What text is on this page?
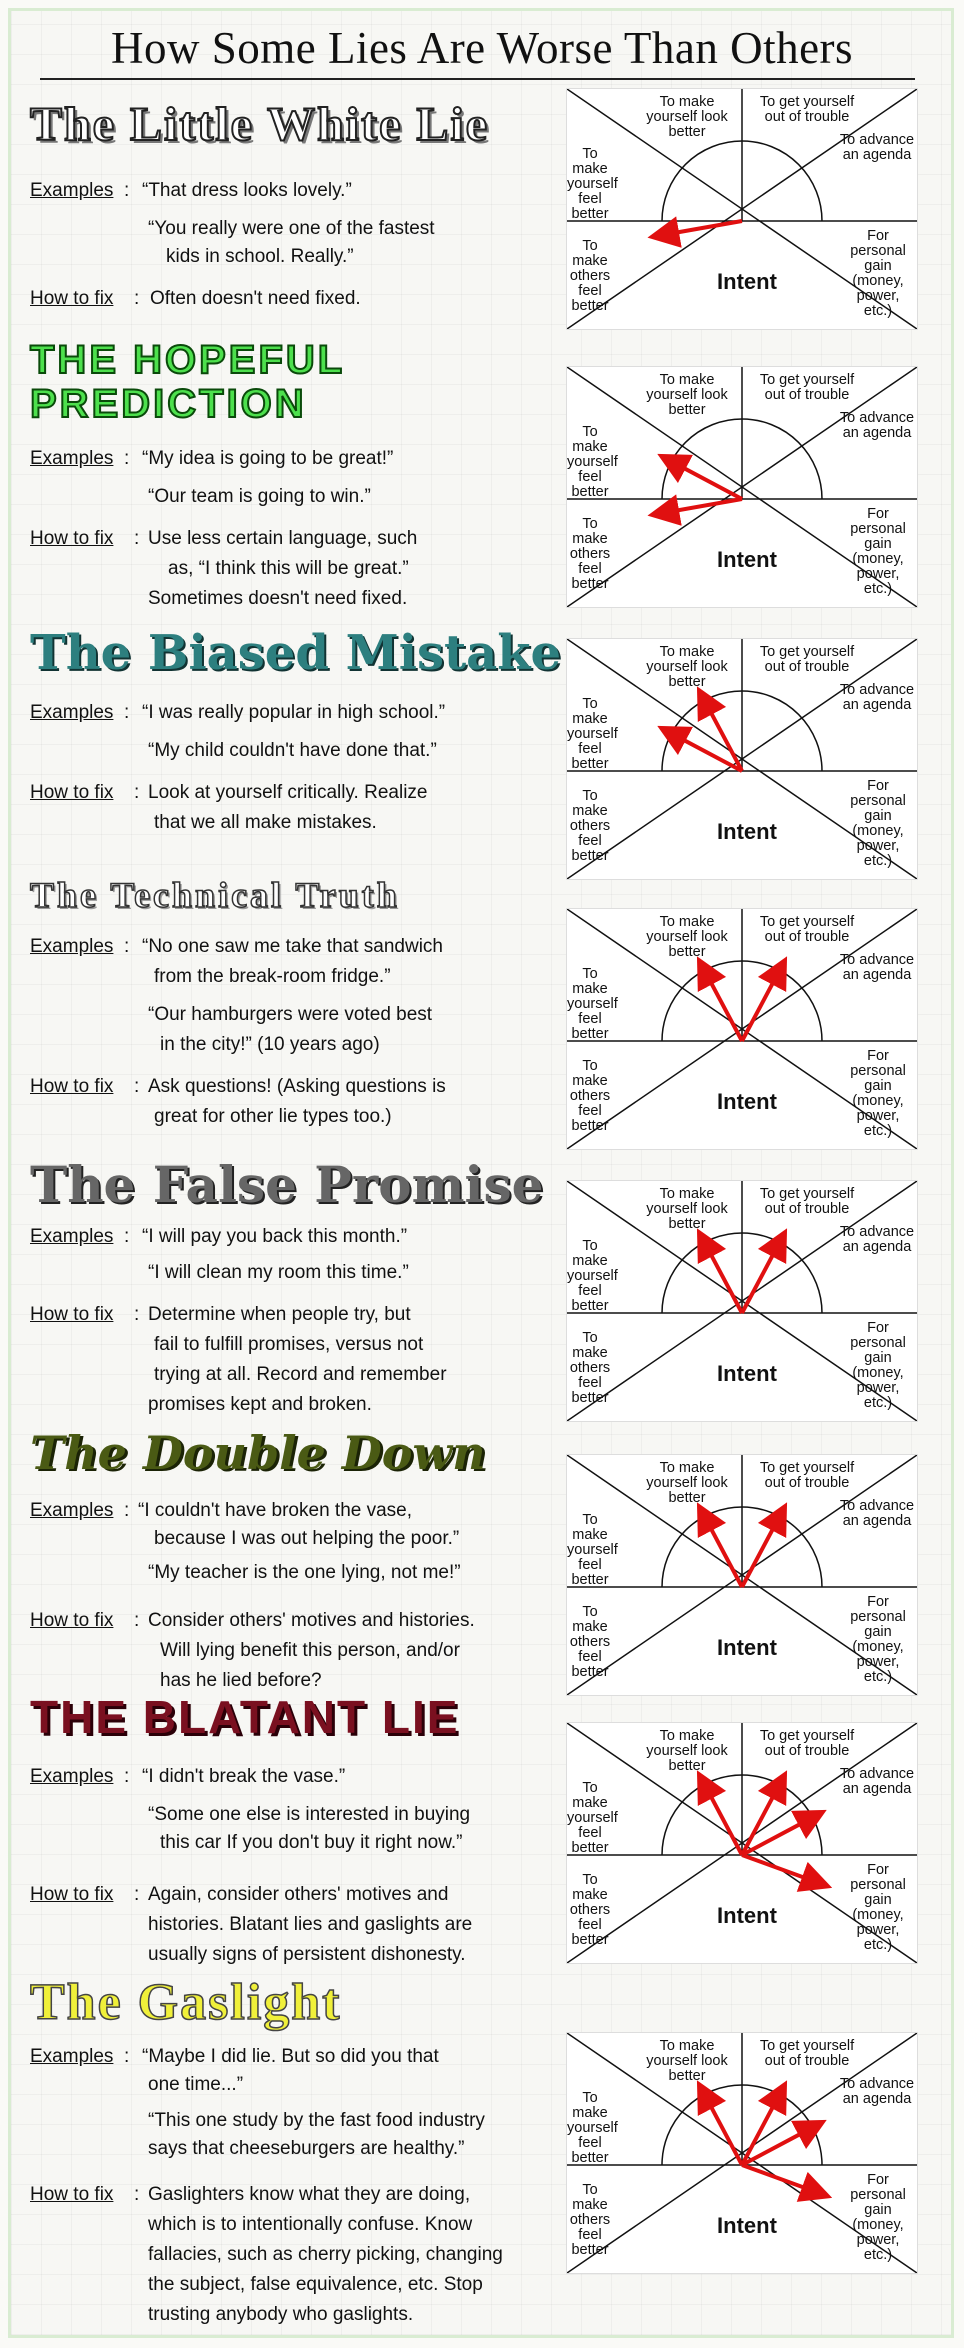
How Some Lies Are Worse Than Others
The Little White Lie
Examples : “That dress looks lovely.”
“You really were one of the fastest
kids in school. Really.”
How to fix : Often doesn't need fixed.
To make yourself look better
To get yourself out of trouble
To advance an agenda
For personal gain (money, power, etc.)
To make others feel better
To make yourself feel better
Intent
THE HOPEFUL
PREDICTION
Examples : “My idea is going to be great!”
“Our team is going to win.”
How to fix : Use less certain language, such
as, “I think this will be great.”
Sometimes doesn't need fixed.
To make yourself look better
To get yourself out of trouble
To advance an agenda
For personal gain (money, power, etc.)
To make others feel better
To make yourself feel better
Intent
The Biased Mistake
Examples : “I was really popular in high school.”
“My child couldn't have done that.”
How to fix : Look at yourself critically. Realize
that we all make mistakes.
To make yourself look better
To get yourself out of trouble
To advance an agenda
For personal gain (money, power, etc.)
To make others feel better
To make yourself feel better
Intent
The Technical Truth
Examples : “No one saw me take that sandwich
from the break-room fridge.”
“Our hamburgers were voted best
in the city!” (10 years ago)
How to fix : Ask questions! (Asking questions is
great for other lie types too.)
To make yourself look better
To get yourself out of trouble
To advance an agenda
For personal gain (money, power, etc.)
To make others feel better
To make yourself feel better
Intent
The False Promise
Examples : “I will pay you back this month.”
“I will clean my room this time.”
How to fix : Determine when people try, but
fail to fulfill promises, versus not
trying at all. Record and remember
promises kept and broken.
To make yourself look better
To get yourself out of trouble
To advance an agenda
For personal gain (money, power, etc.)
To make others feel better
To make yourself feel better
Intent
The Double Down
Examples : “I couldn't have broken the vase,
because I was out helping the poor.”
“My teacher is the one lying, not me!”
How to fix : Consider others' motives and histories.
Will lying benefit this person, and/or
has he lied before?
To make yourself look better
To get yourself out of trouble
To advance an agenda
For personal gain (money, power, etc.)
To make others feel better
To make yourself feel better
Intent
THE BLATANT LIE
Examples : “I didn't break the vase.”
“Some one else is interested in buying
this car If you don't buy it right now.”
How to fix : Again, consider others' motives and
histories. Blatant lies and gaslights are
usually signs of persistent dishonesty.
To make yourself look better
To get yourself out of trouble
To advance an agenda
For personal gain (money, power, etc.)
To make others feel better
To make yourself feel better
Intent
The Gaslight
Examples : “Maybe I did lie. But so did you that
one time...”
“This one study by the fast food industry
says that cheeseburgers are healthy.”
How to fix : Gaslighters know what they are doing,
which is to intentionally confuse. Know
fallacies, such as cherry picking, changing
the subject, false equivalence, etc. Stop
trusting anybody who gaslights.
To make yourself look better
To get yourself out of trouble
To advance an agenda
For personal gain (money, power, etc.)
To make others feel better
To make yourself feel better
Intent
